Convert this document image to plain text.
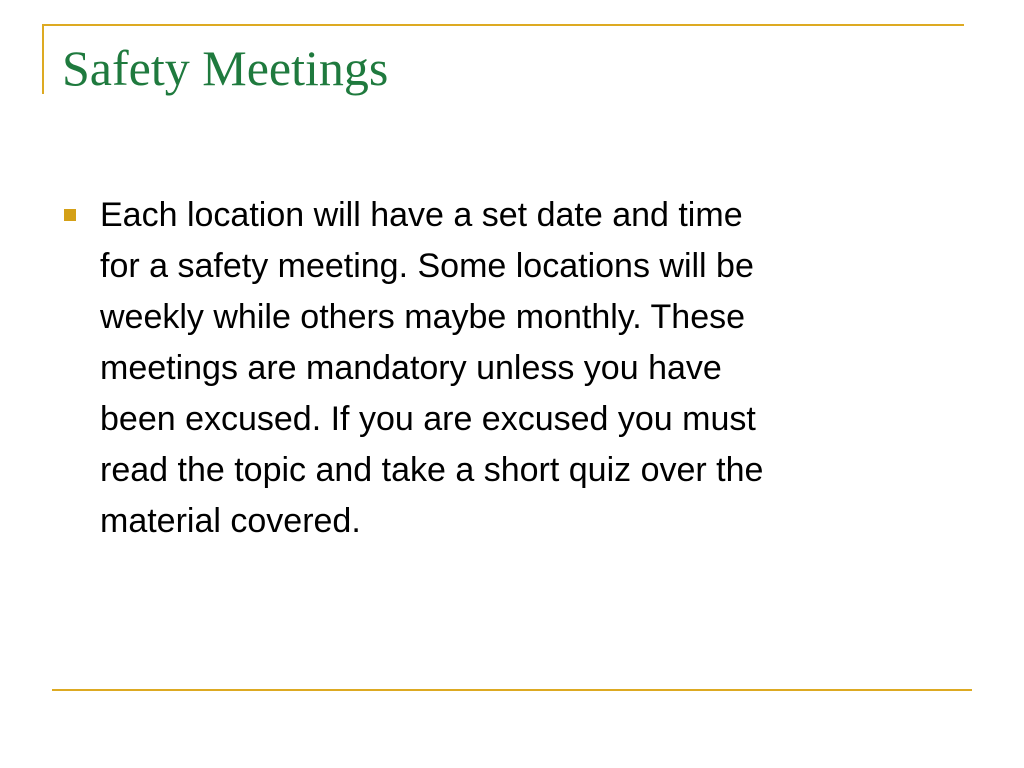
Safety Meetings
Each location will have a set date and time
for a safety meeting. Some locations will be
weekly while others maybe monthly. These
meetings are mandatory unless you have
been excused. If you are excused you must
read the topic and take a short quiz over the
material covered.
